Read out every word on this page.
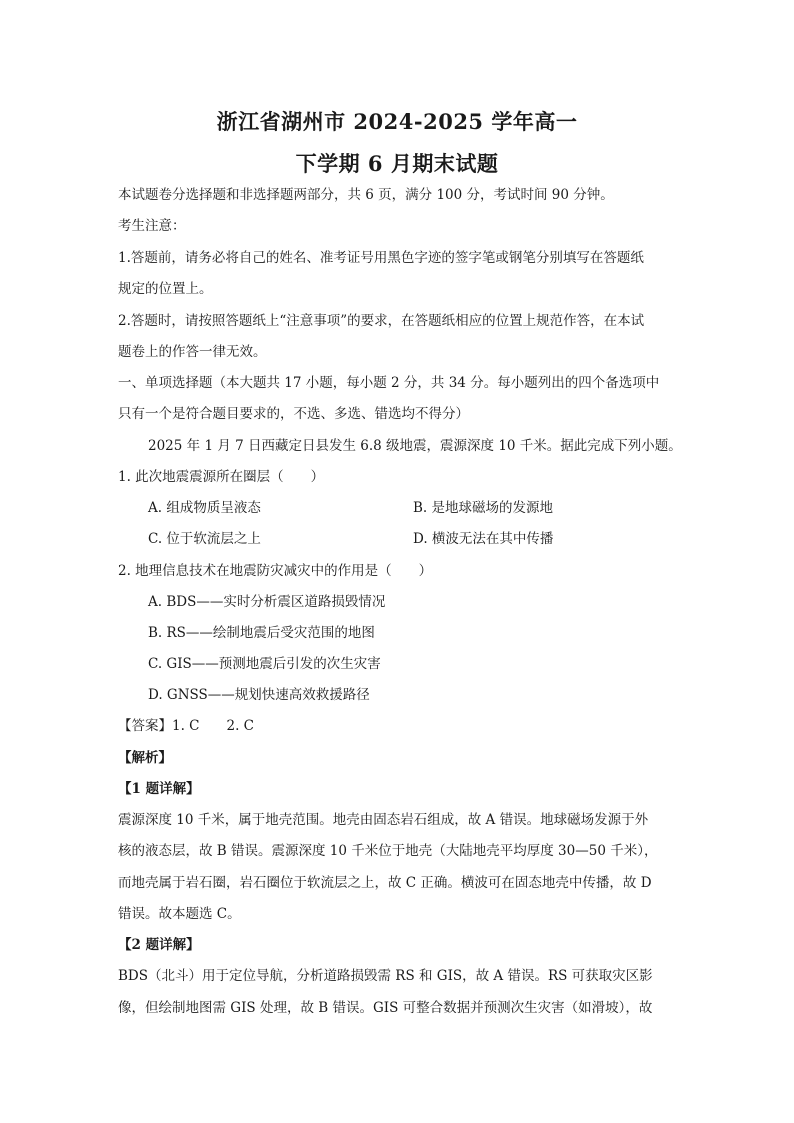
浙江省湖州市 2024-2025 学年高一
下学期 6 月期末试题
本试题卷分选择题和非选择题两部分，共 6 页，满分 100 分，考试时间 90 分钟。
考生注意：
1.答题前，请务必将自己的姓名、准考证号用黑色字迹的签字笔或钢笔分别填写在答题纸
规定的位置上。
2.答题时，请按照答题纸上“注意事项”的要求，在答题纸相应的位置上规范作答，在本试
题卷上的作答一律无效。
一、单项选择题（本大题共 17 小题，每小题 2 分，共 34 分。每小题列出的四个备选项中
只有一个是符合题目要求的，不选、多选、错选均不得分）
2025 年 1 月 7 日西藏定日县发生 6.8 级地震，震源深度 10 千米。据此完成下列小题。
1. 此次地震震源所在圈层（　　）
A. 组成物质呈液态	B. 是地球磁场的发源地
C. 位于软流层之上	D. 横波无法在其中传播
2. 地理信息技术在地震防灾减灾中的作用是（　　）
A. BDS——实时分析震区道路损毁情况
B. RS——绘制地震后受灾范围的地图
C. GIS——预测地震后引发的次生灾害
D. GNSS——规划快速高效救援路径
【答案】1. C　　2. C
【解析】
【1 题详解】
震源深度 10 千米，属于地壳范围。地壳由固态岩石组成，故 A 错误。地球磁场发源于外
核的液态层，故 B 错误。震源深度 10 千米位于地壳（大陆地壳平均厚度 30—50 千米），
而地壳属于岩石圈，岩石圈位于软流层之上，故 C 正确。横波可在固态地壳中传播，故 D
错误。故本题选 C。
【2 题详解】
BDS（北斗）用于定位导航，分析道路损毁需 RS 和 GIS，故 A 错误。RS 可获取灾区影
像，但绘制地图需 GIS 处理，故 B 错误。GIS 可整合数据并预测次生灾害（如滑坡），故
